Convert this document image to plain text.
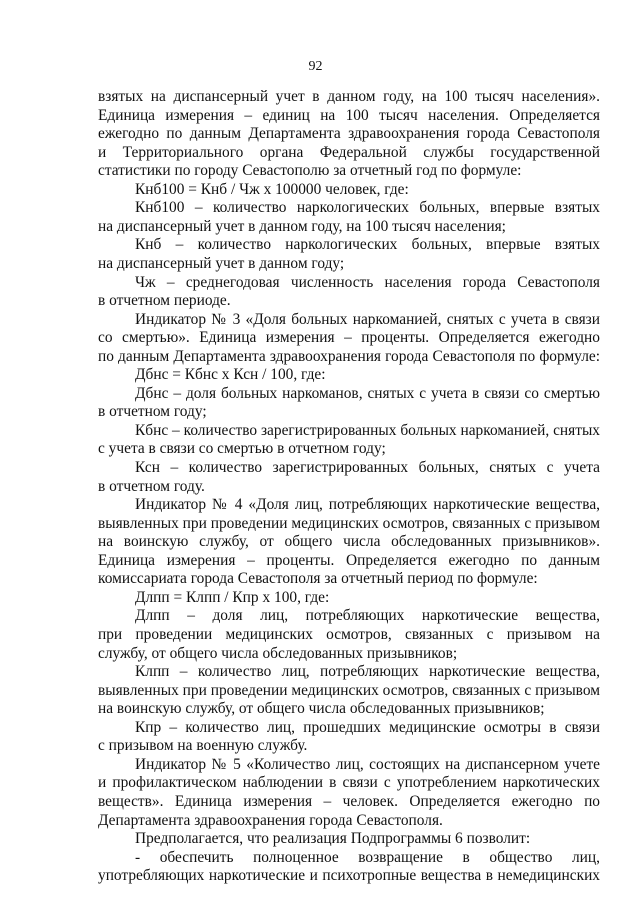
92
взятых на диспансерный учет в данном году, на 100 тысяч населения».
Единица измерения – единиц на 100 тысяч населения. Определяется
ежегодно по данным Департамента здравоохранения города Севастополя
и Территориального органа Федеральной службы государственной
статистики по городу Севастополю за отчетный год по формуле:
Кнб100 = Кнб / Чж х 100000 человек, где:
Кнб100 – количество наркологических больных, впервые взятых
на диспансерный учет в данном году, на 100 тысяч населения;
Кнб – количество наркологических больных, впервые взятых
на диспансерный учет в данном году;
Чж – среднегодовая численность населения города Севастополя
в отчетном периоде.
Индикатор № 3 «Доля больных наркоманией, снятых с учета в связи
со смертью». Единица измерения – проценты. Определяется ежегодно
по данным Департамента здравоохранения города Севастополя по формуле:
Дбнс = Кбнс х Ксн / 100, где:
Дбнс – доля больных наркоманов, снятых с учета в связи со смертью
в отчетном году;
Кбнс – количество зарегистрированных больных наркоманией, снятых
с учета в связи со смертью в отчетном году;
Ксн – количество зарегистрированных больных, снятых с учета
в отчетном году.
Индикатор № 4 «Доля лиц, потребляющих наркотические вещества,
выявленных при проведении медицинских осмотров, связанных с призывом
на воинскую службу, от общего числа обследованных призывников».
Единица измерения – проценты. Определяется ежегодно по данным
комиссариата города Севастополя за отчетный период по формуле:
Длпп = Клпп / Кпр х 100, где:
Длпп – доля лиц, потребляющих наркотические вещества,
при проведении медицинских осмотров, связанных с призывом на
службу, от общего числа обследованных призывников;
Клпп – количество лиц, потребляющих наркотические вещества,
выявленных при проведении медицинских осмотров, связанных с призывом
на воинскую службу, от общего числа обследованных призывников;
Кпр – количество лиц, прошедших медицинские осмотры в связи
с призывом на военную службу.
Индикатор № 5 «Количество лиц, состоящих на диспансерном учете
и профилактическом наблюдении в связи с употреблением наркотических
веществ». Единица измерения – человек. Определяется ежегодно по
Департамента здравоохранения города Севастополя.
Предполагается, что реализация Подпрограммы 6 позволит:
- обеспечить полноценное возвращение в общество лиц,
употребляющих наркотические и психотропные вещества в немедицинских
